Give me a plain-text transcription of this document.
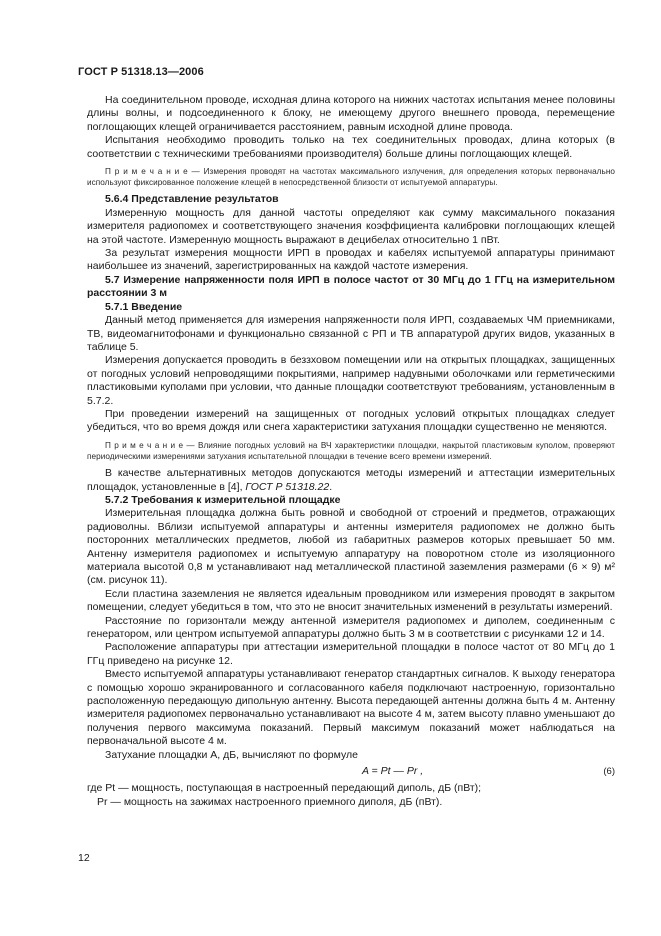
ГОСТ Р 51318.13—2006

На соединительном проводе, исходная длина которого на нижних частотах испытания менее половины длины волны, и подсоединенного к блоку, не имеющему другого внешнего провода, перемещение поглощающих клещей ограничивается расстоянием, равным исходной длине провода.

Испытания необходимо проводить только на тех соединительных проводах, длина которых (в соответствии с техническими требованиями производителя) больше длины поглощающих клещей.

П р и м е ч а н и е — Измерения проводят на частотах максимального излучения, для определения которых первоначально используют фиксированное положение клещей в непосредственной близости от испытуемой аппаратуры.

5.6.4 Представление результатов

Измеренную мощность для данной частоты определяют как сумму максимального показания измерителя радиопомех и соответствующего значения коэффициента калибровки поглощающих клещей на этой частоте. Измеренную мощность выражают в децибелах относительно 1 пВт.

За результат измерения мощности ИРП в проводах и кабелях испытуемой аппаратуры принимают наибольшее из значений, зарегистрированных на каждой частоте измерения.

5.7 Измерение напряженности поля ИРП в полосе частот от 30 МГц до 1 ГГц на измерительном расстоянии 3 м

5.7.1 Введение

Данный метод применяется для измерения напряженности поля ИРП, создаваемых ЧМ приемниками, ТВ, видеомагнитофонами и функционально связанной с РП и ТВ аппаратурой других видов, указанных в таблице 5.

Измерения допускается проводить в беззховом помещении или на открытых площадках, защищенных от погодных условий непроводящими покрытиями, например надувными оболочками или герметическими пластиковыми куполами при условии, что данные площадки соответствуют требованиям, установленным в 5.7.2.

При проведении измерений на защищенных от погодных условий открытых площадках следует убедиться, что во время дождя или снега характеристики затухания площадки существенно не меняются.

П р и м е ч а н и е — Влияние погодных условий на ВЧ характеристики площадки, накрытой пластиковым куполом, проверяют периодическими измерениями затухания испытательной площадки в течение всего времени измерений.

В качестве альтернативных методов допускаются методы измерений и аттестации измерительных площадок, установленные в [4], ГОСТ Р 51318.22.

5.7.2 Требования к измерительной площадке

Измерительная площадка должна быть ровной и свободной от строений и предметов, отражающих радиоволны. Вблизи испытуемой аппаратуры и антенны измерителя радиопомех не должно быть посторонних металлических предметов, любой из габаритных размеров которых превышает 50 мм. Антенну измерителя радиопомех и испытуемую аппаратуру на поворотном столе из изоляционного материала высотой 0,8 м устанавливают над металлической пластиной заземления размерами (6 × 9) м² (см. рисунок 11).

Если пластина заземления не является идеальным проводником или измерения проводят в закрытом помещении, следует убедиться в том, что это не вносит значительных изменений в результаты измерений.

Расстояние по горизонтали между антенной измерителя радиопомех и диполем, соединенным с генератором, или центром испытуемой аппаратуры должно быть 3 м в соответствии с рисунками 12 и 14.

Расположение аппаратуры при аттестации измерительной площадки в полосе частот от 80 МГц до 1 ГГц приведено на рисунке 12.

Вместо испытуемой аппаратуры устанавливают генератор стандартных сигналов. К выходу генератора с помощью хорошо экранированного и согласованного кабеля подключают настроенную, горизонтально расположенную передающую дипольную антенну. Высота передающей антенны должна быть 4 м. Антенну измерителя радиопомех первоначально устанавливают на высоте 4 м, затем высоту плавно уменьшают до получения первого максимума показаний. Первый максимум показаний может наблюдаться на первоначальной высоте 4 м.

Затухание площадки А, дБ, вычисляют по формуле

A = Pt — Pr ,	(6)
где Pt — мощность, поступающая в настроенный передающий диполь, дБ (пВт);
Pr — мощность на зажимах настроенного приемного диполя, дБ (пВт).
12
